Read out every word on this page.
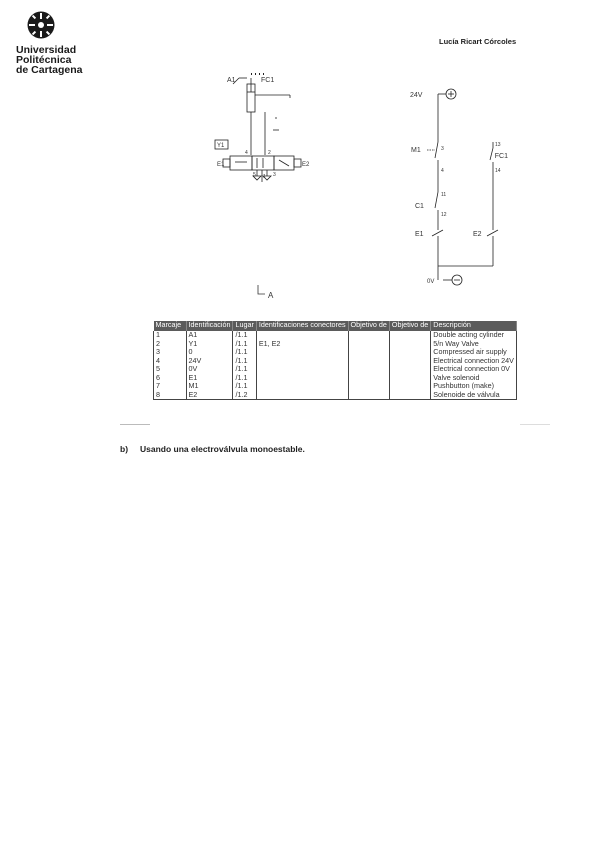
Universidad
Politécnica
de Cartagena
Lucía Ricart Córcoles
A1	FC1
Y1
E1	E2
4	2
5 1 3
A
24V
M1
C1
FC1
E1	E2
3
4
11
12
13
14
0V
Marcaje	Identificación	Lugar	Identificaciones conectores	Objetivo de	Objetivo de	Descripción
1	A1	/1.1				Double acting cylinder
2	Y1	/1.1	E1, E2			5/n Way Valve
3	0	/1.1				Compressed air supply
4	24V	/1.1				Electrical connection 24V
5	0V	/1.1				Electrical connection 0V
6	E1	/1.1				Valve solenoid
7	M1	/1.1				Pushbutton (make)
8	E2	/1.2				Solenoide de válvula
b) Usando una electroválvula monoestable.
